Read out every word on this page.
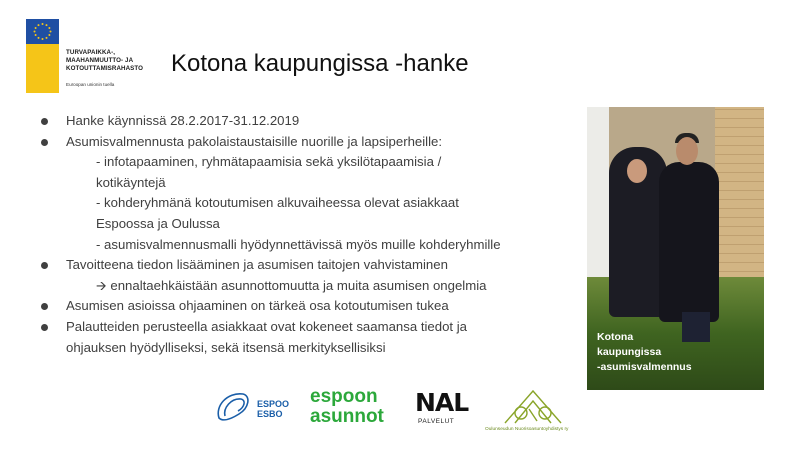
TURVAPAIKKA-,
MAAHANMUUTTO- JA
KOTOUTTAMISRAHASTO
Euroopan unionin tuella
Kotona kaupungissa -hanke
Hanke käynnissä 28.2.2017-31.12.2019
Asumisvalmennusta pakolaistaustaisille nuorille ja lapsiperheille:
- infotapaaminen, ryhmätapaamisia sekä yksilötapaamisia /
kotikäyntejä
- kohderyhmänä kotoutumisen alkuvaiheessa olevat asiakkaat
Espoossa ja Oulussa
- asumisvalmennusmalli hyödynnettävissä myös muille kohderyhmille
Tavoitteena tiedon lisääminen ja asumisen taitojen vahvistaminen
🡪 ennaltaehkäistään asunnottomuutta ja muita asumisen ongelmia
Asumisen asioissa ohjaaminen on tärkeä osa kotoutumisen tukea
Palautteiden perusteella asiakkaat ovat kokeneet saamansa tiedot ja
ohjauksen hyödylliseksi, sekä itsensä merkityksellisiksi
Kotona
kaupungissa
-asumisvalmennus
ESPOO
ESBO
espoon
asunnot NAL
PALVELUT
Oulunseudun Nuorisoasuntoyhdistys ry
